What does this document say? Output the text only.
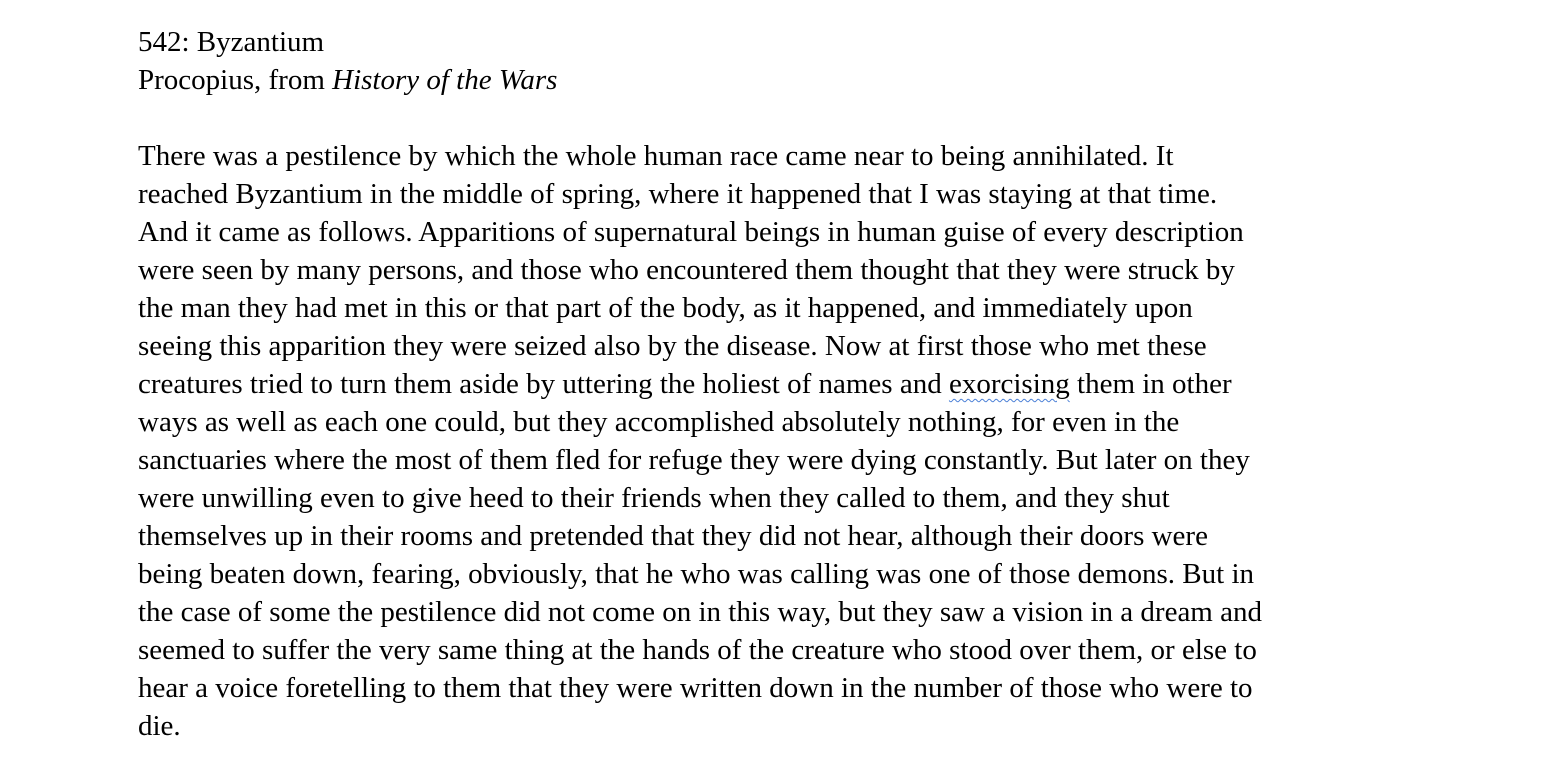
542: Byzantium
Procopius, from History of the Wars
There was a pestilence by which the whole human race came near to being annihilated. It
reached Byzantium in the middle of spring, where it happened that I was staying at that time.
And it came as follows. Apparitions of supernatural beings in human guise of every description
were seen by many persons, and those who encountered them thought that they were struck by
the man they had met in this or that part of the body, as it happened, and immediately upon
seeing this apparition they were seized also by the disease. Now at first those who met these
creatures tried to turn them aside by uttering the holiest of names and exorcising them in other
ways as well as each one could, but they accomplished absolutely nothing, for even in the
sanctuaries where the most of them fled for refuge they were dying constantly. But later on they
were unwilling even to give heed to their friends when they called to them, and they shut
themselves up in their rooms and pretended that they did not hear, although their doors were
being beaten down, fearing, obviously, that he who was calling was one of those demons. But in
the case of some the pestilence did not come on in this way, but they saw a vision in a dream and
seemed to suffer the very same thing at the hands of the creature who stood over them, or else to
hear a voice foretelling to them that they were written down in the number of those who were to
die.
